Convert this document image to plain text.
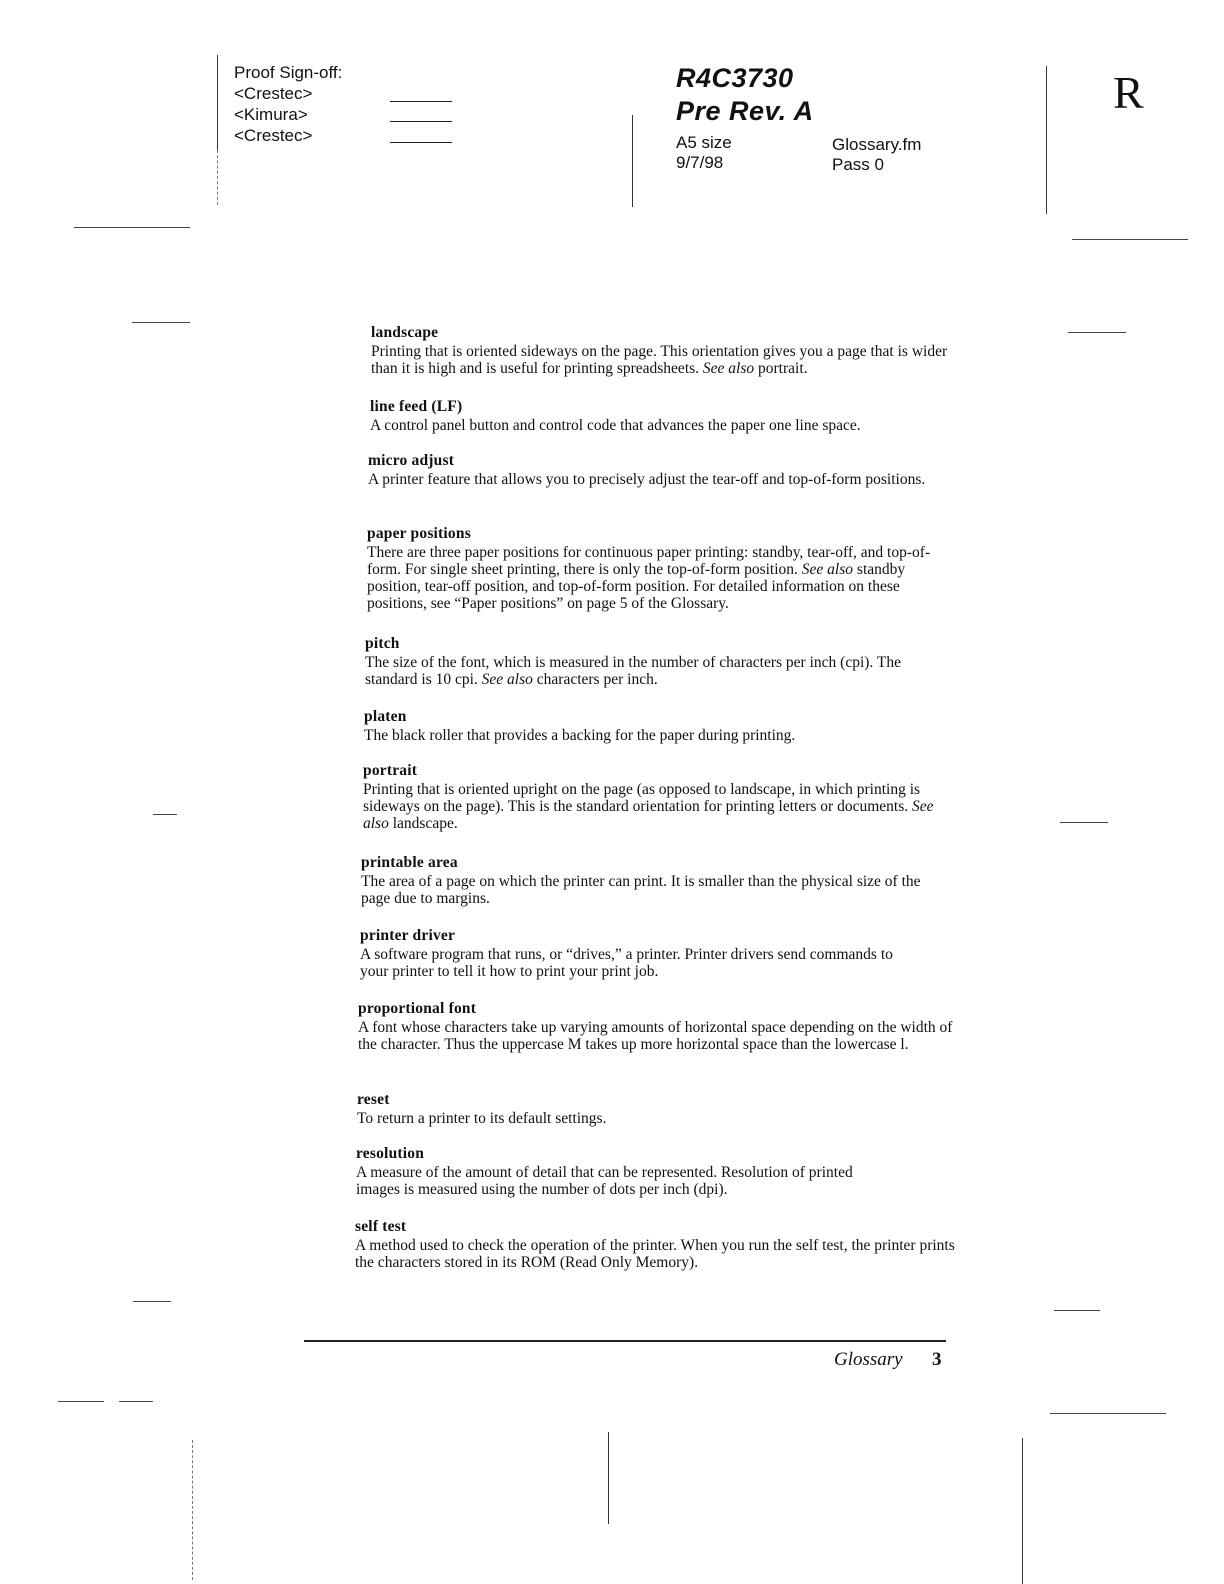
Proof Sign-off:
<Crestec>
<Kimura>
<Crestec>
R4C3730
Pre Rev. A
A5 size
9/7/98
Glossary.fm
Pass 0
R
landscape
Printing that is oriented sideways on the page. This orientation gives you a page that is wider than it is high and is useful for printing spreadsheets. See also portrait.
line feed (LF)
A control panel button and control code that advances the paper one line space.
micro adjust
A printer feature that allows you to precisely adjust the tear-off and top-of-form positions.
paper positions
There are three paper positions for continuous paper printing: standby, tear-off, and top-of-form. For single sheet printing, there is only the top-of-form position. See also standby position, tear-off position, and top-of-form position. For detailed information on these positions, see “Paper positions” on page 5 of the Glossary.
pitch
The size of the font, which is measured in the number of characters per inch (cpi). The standard is 10 cpi. See also characters per inch.
platen
The black roller that provides a backing for the paper during printing.
portrait
Printing that is oriented upright on the page (as opposed to landscape, in which printing is sideways on the page). This is the standard orientation for printing letters or documents. See also landscape.
printable area
The area of a page on which the printer can print. It is smaller than the physical size of the page due to margins.
printer driver
A software program that runs, or “drives,” a printer. Printer drivers send commands to your printer to tell it how to print your print job.
proportional font
A font whose characters take up varying amounts of horizontal space depending on the width of the character. Thus the uppercase M takes up more horizontal space than the lowercase l.
reset
To return a printer to its default settings.
resolution
A measure of the amount of detail that can be represented. Resolution of printed images is measured using the number of dots per inch (dpi).
self test
A method used to check the operation of the printer. When you run the self test, the printer prints the characters stored in its ROM (Read Only Memory).
Glossary 3
